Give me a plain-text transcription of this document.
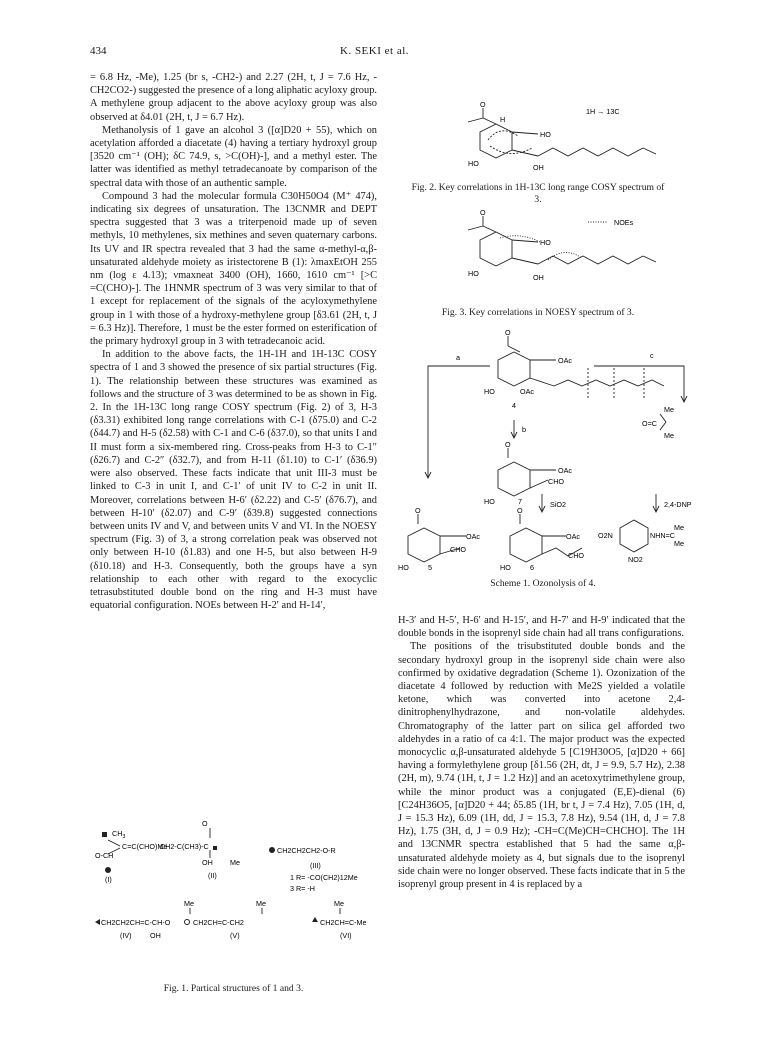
434	K. SEKI et al.

= 6.8 Hz, -Me), 1.25 (br s, -CH2-) and 2.27 (2H, t, J = 7.6 Hz, -CH2CO2-) suggested the presence of a long aliphatic acyloxy group. A methylene group adjacent to the above acyloxy group was also observed at δ4.01 (2H, t, J = 6.7 Hz).

Methanolysis of 1 gave an alcohol 3 ([α]D20 + 55), which on acetylation afforded a diacetate (4) having a tertiary hydroxyl group [3520 cm⁻¹ (OH); δC 74.9, s, >C(OH)-], and a methyl ester. The latter was identified as methyl tetradecanoate by comparison of the spectral data with those of an authentic sample.

Compound 3 had the molecular formula C30H50O4 (M⁺ 474), indicating six degrees of unsaturation. The 13CNMR and DEPT spectra suggested that 3 was a triterpenoid made up of seven methyls, 10 methylenes, six methines and seven quaternary carbons. Its UV and IR spectra revealed that 3 had the same α-methyl-α,β-unsaturated aldehyde moiety as iristectorene B (1): λmaxEtOH 255 nm (log ε 4.13); νmaxneat 3400 (OH), 1660, 1610 cm⁻¹ [>C =C(CHO)-]. The 1HNMR spectrum of 3 was very similar to that of 1 except for replacement of the signals of the acyloxymethylene group in 1 with those of a hydroxy-methylene group [δ3.61 (2H, t, J = 6.3 Hz)]. Therefore, 1 must be the ester formed on esterification of the primary hydroxyl group in 3 with tetradecanoic acid.

In addition to the above facts, the 1H-1H and 1H-13C COSY spectra of 1 and 3 showed the presence of six partial structures (Fig. 1). The relationship between these structures was examined as follows and the structure of 3 was determined to be as shown in Fig. 2. In the 1H-13C long range COSY spectrum (Fig. 2) of 3, H-3 (δ3.31) exhibited long range correlations with C-1 (δ75.0) and C-2 (δ44.7) and H-5 (δ2.58) with C-1 and C-6 (δ37.0), so that units I and II must form a six-membered ring. Cross-peaks from H-3 to C-1″ (δ26.7) and C-2″ (δ32.7), and from H-11 (δ1.10) to C-1′ (δ36.9) were also observed. These facts indicate that unit III-3 must be linked to C-3 in unit I, and C-1′ of unit IV to C-2 in unit II. Moreover, correlations between H-6′ (δ2.22) and C-5′ (δ76.7), and between H-10′ (δ2.07) and C-9′ (δ39.8) suggested connections between units IV and V, and between units V and VI. In the NOESY spectrum (Fig. 3) of 3, a strong correlation peak was observed not only between H-10 (δ1.83) and one H-5, but also between H-9 (δ10.18) and H-3. Consequently, both the groups have a syn relationship to each other with regard to the exocyclic tetrasubstituted double bond on the ring and H-3 must have equatorial configuration. NOEs between H-2′ and H-14′,

$CH_3$
C=C(CHO)Me
O-CH
(I)
CH2-C(CH3)-C
O
OH Me
(II)
CH2CH2CH2-O-R
(III)
1 R= -CO(CH2)12Me
3 R= -H
Me
CH2CH2CH=C-CH-O
(IV)	OH
Me
CH2CH=C-CH2
(V)
Me
CH2CH=C-Me
(VI)
Fig. 1. Partical structures of 1 and 3.
O
H
HO
HO	OH
1H → 13C
Fig. 2. Key correlations in 1H-13C long range COSY spectrum of 3.
O
HO
HO	OH
NOEs
Fig. 3. Key correlations in NOESY spectrum of 3.
O
OAc
HO	OAc
4
a
b
c
O
OAc
CHO
HO	7	SiO2	2,4-DNP
Me
O=C
Me
O
OAc
CHO
HO	5
O
OAc
CHO
HO	6
O2N	NHN=C
Me
Me
NO2
Scheme 1. Ozonolysis of 4.

H-3′ and H-5′, H-6′ and H-15′, and H-7′ and H-9′ indicated that the double bonds in the isoprenyl side chain had all trans configurations.

The positions of the trisubstituted double bonds and the secondary hydroxyl group in the isoprenyl side chain were also confirmed by oxidative degradation (Scheme 1). Ozonization of the diacetate 4 followed by reduction with Me2S yielded a volatile ketone, which was converted into acetone 2,4-dinitrophenylhydrazone, and non-volatile aldehydes. Chromatography of the latter part on silica gel afforded two aldehydes in a ratio of ca 4:1. The major product was the expected monocyclic α,β-unsaturated aldehyde 5 [C19H30O5, [α]D20 + 66] having a formylethylene group [δ1.56 (2H, dt, J = 9.9, 5.7 Hz), 2.38 (2H, m), 9.74 (1H, t, J = 1.2 Hz)] and an acetoxytrimethylene group, while the minor product was a conjugated (E,E)-dienal (6) [C24H36O5, [α]D20 + 44; δ5.85 (1H, br t, J = 7.4 Hz), 7.05 (1H, d, J = 15.3 Hz), 6.09 (1H, dd, J = 15.3, 7.8 Hz), 9.54 (1H, d, J = 7.8 Hz), 1.75 (3H, d, J = 0.9 Hz); -CH=C(Me)CH=CHCHO]. The 1H and 13CNMR spectra established that 5 had the same α,β-unsaturated aldehyde moiety as 4, but signals due to the isoprenyl side chain were no longer observed. These facts indicate that in 5 the isoprenyl group present in 4 is replaced by a
